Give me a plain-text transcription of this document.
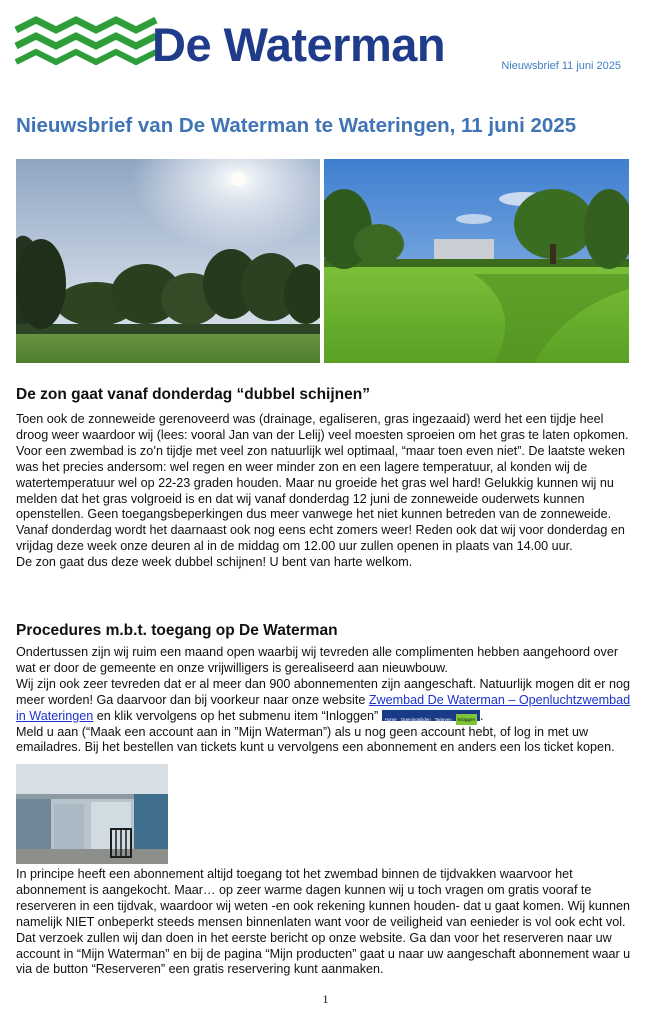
De Waterman	Nieuwsbrief 11 juni 2025
Nieuwsbrief van De Waterman te Wateringen, 11 juni 2025
De zon gaat vanaf donderdag “dubbel schijnen”

Toen ook de zonneweide gerenoveerd was (drainage, egaliseren, gras ingezaaid) werd het een tijdje heel droog weer waardoor wij (lees: vooral Jan van der Lelij) veel moesten sproeien om het gras te laten opkomen. Voor een zwembad is zo’n tijdje met veel zon natuurlijk wel optimaal, “maar toen even niet”. De laatste weken was het precies andersom: wel regen en weer minder zon en een lagere temperatuur, al konden wij de watertemperatuur wel op 22-23 graden houden. Maar nu groeide het gras wel hard! Gelukkig kunnen wij nu melden dat het gras volgroeid is en dat wij vanaf donderdag 12 juni de zonneweide ouderwets kunnen openstellen. Geen toegangsbeperkingen dus meer vanwege het niet kunnen betreden van de zonneweide.

Vanaf donderdag wordt het daarnaast ook nog eens echt zomers weer! Reden ook dat wij voor donderdag en vrijdag deze week onze deuren al in de middag om 12.00 uur zullen openen in plaats van 14.00 uur.

De zon gaat dus deze week dubbel schijnen! U bent van harte welkom.

Procedures m.b.t. toegang op De Waterman

Ondertussen zijn wij ruim een maand open waarbij wij tevreden alle complimenten hebben aangehoord over wat er door de gemeente en onze vrijwilligers is gerealiseerd aan nieuwbouw.

Wij zijn ook zeer tevreden dat er al meer dan 900 abonnementen zijn aangeschaft. Natuurlijk mogen dit er nog meer worden! Ga daarvoor dan bij voorkeur naar onze website Zwembad De Waterman – Openluchtzwembad in Wateringen en klik vervolgens op het submenu item “Inloggen” Home Openingstijden Tarieven Inloggen .

Meld u aan (“Maak een account aan in ”Mijn Waterman”) als u nog geen account hebt, of log in met uw emailadres. Bij het bestellen van tickets kunt u vervolgens een abonnement en anders een los ticket kopen.

In principe heeft een abonnement altijd toegang tot het zwembad binnen de tijdvakken waarvoor het abonnement is aangekocht. Maar… op zeer warme dagen kunnen wij u toch vragen om gratis vooraf te reserveren in een tijdvak, waardoor wij weten -en ook rekening kunnen houden- dat u gaat komen. Wij kunnen namelijk NIET onbeperkt steeds mensen binnenlaten want voor de veiligheid van eenieder is vol ook echt vol. Dat verzoek zullen wij dan doen in het eerste bericht op onze website. Ga dan voor het reserveren naar uw account in “Mijn Waterman” en bij de pagina “Mijn producten” gaat u naar uw aangeschaft abonnement waar u via de button “Reserveren” een gratis reservering kunt aanmaken.

1
